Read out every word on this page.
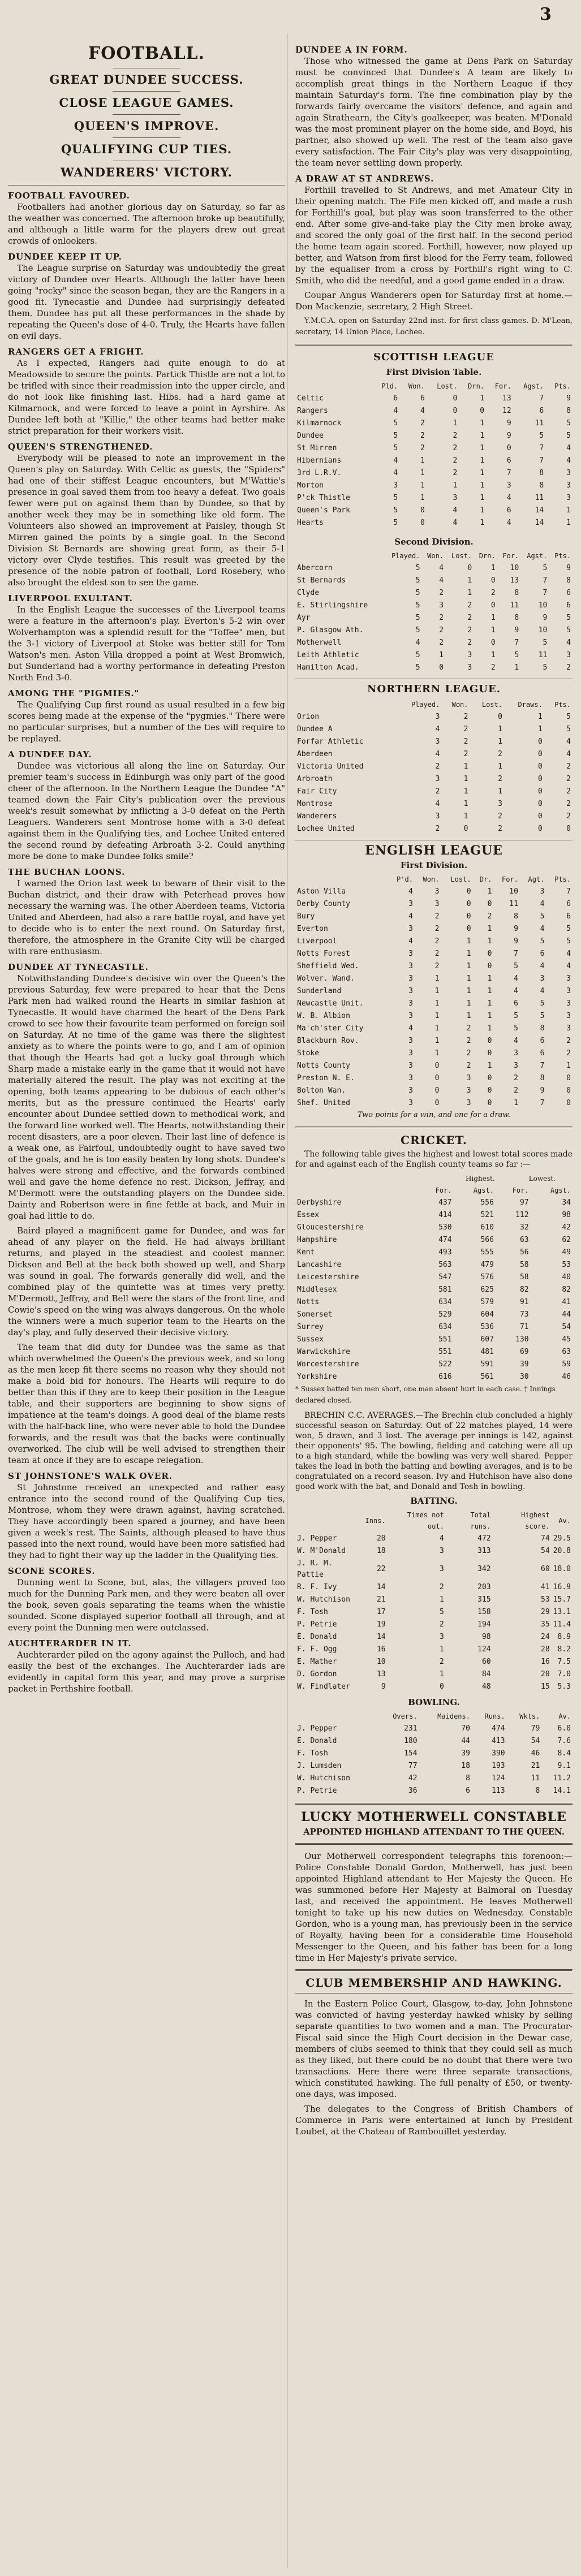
3
FOOTBALL.
GREAT DUNDEE SUCCESS.
CLOSE LEAGUE GAMES.
QUEEN'S IMPROVE.
QUALIFYING CUP TIES.
WANDERERS' VICTORY.
FOOTBALL FAVOURED.

Footballers had another glorious day on Saturday, so far as the weather was concerned. The afternoon broke up beautifully, and although a little warm for the players drew out great crowds of onlookers.

DUNDEE KEEP IT UP.

The League surprise on Saturday was undoubtedly the great victory of Dundee over Hearts. Although the latter have been going "rocky" since the season began, they are the Rangers in a good fit. Tynecastle and Dundee had surprisingly defeated them. Dundee has put all these performances in the shade by repeating the Queen's dose of 4-0. Truly, the Hearts have fallen on evil days.

RANGERS GET A FRIGHT.

As I expected, Rangers had quite enough to do at Meadowside to secure the points. Partick Thistle are not a lot to be trifled with since their readmission into the upper circle, and do not look like finishing last. Hibs. had a hard game at Kilmarnock, and were forced to leave a point in Ayrshire. As Dundee left both at "Killie," the other teams had better make strict preparation for their workers visit.

QUEEN'S STRENGTHENED.

Everybody will be pleased to note an improvement in the Queen's play on Saturday. With Celtic as guests, the "Spiders" had one of their stiffest League encounters, but M'Wattie's presence in goal saved them from too heavy a defeat. Two goals fewer were put on against them than by Dundee, so that by another week they may be in something like old form. The Volunteers also showed an improvement at Paisley, though St Mirren gained the points by a single goal. In the Second Division St Bernards are showing great form, as their 5-1 victory over Clyde testifies. This result was greeted by the presence of the noble patron of football, Lord Rosebery, who also brought the eldest son to see the game.

LIVERPOOL EXULTANT.

In the English League the successes of the Liverpool teams were a feature in the afternoon's play. Everton's 5-2 win over Wolverhampton was a splendid result for the "Toffee" men, but the 3-1 victory of Liverpool at Stoke was better still for Tom Watson's men. Aston Villa dropped a point at West Bromwich, but Sunderland had a worthy performance in defeating Preston North End 3-0.

AMONG THE "PIGMIES."

The Qualifying Cup first round as usual resulted in a few big scores being made at the expense of the "pygmies." There were no particular surprises, but a number of the ties will require to be replayed.

A DUNDEE DAY.

Dundee was victorious all along the line on Saturday. Our premier team's success in Edinburgh was only part of the good cheer of the afternoon. In the Northern League the Dundee "A" teamed down the Fair City's publication over the previous week's result somewhat by inflicting a 3-0 defeat on the Perth Leaguers. Wanderers sent Montrose home with a 3-0 defeat against them in the Qualifying ties, and Lochee United entered the second round by defeating Arbroath 3-2. Could anything more be done to make Dundee folks smile?

THE BUCHAN LOONS.

I warned the Orion last week to beware of their visit to the Buchan district, and their draw with Peterhead proves how necessary the warning was. The other Aberdeen teams, Victoria United and Aberdeen, had also a rare battle royal, and have yet to decide who is to enter the next round. On Saturday first, therefore, the atmosphere in the Granite City will be charged with rare enthusiasm.

DUNDEE AT TYNECASTLE.

Notwithstanding Dundee's decisive win over the Queen's the previous Saturday, few were prepared to hear that the Dens Park men had walked round the Hearts in similar fashion at Tynecastle. It would have charmed the heart of the Dens Park crowd to see how their favourite team performed on foreign soil on Saturday. At no time of the game was there the slightest anxiety as to where the points were to go, and I am of opinion that though the Hearts had got a lucky goal through which Sharp made a mistake early in the game that it would not have materially altered the result. The play was not exciting at the opening, both teams appearing to be dubious of each other's merits, but as the pressure continued the Hearts' early encounter about Dundee settled down to methodical work, and the forward line worked well. The Hearts, notwithstanding their recent disasters, are a poor eleven. Their last line of defence is a weak one, as Fairfoul, undoubtedly ought to have saved two of the goals, and he is too easily beaten by long shots. Dundee's halves were strong and effective, and the forwards combined well and gave the home defence no rest. Dickson, Jeffray, and M'Dermott were the outstanding players on the Dundee side. Dainty and Robertson were in fine fettle at back, and Muir in goal had little to do.

Baird played a magnificent game for Dundee, and was far ahead of any player on the field. He had always brilliant returns, and played in the steadiest and coolest manner. Dickson and Bell at the back both showed up well, and Sharp was sound in goal. The forwards generally did well, and the combined play of the quintette was at times very pretty. M'Dermott, Jeffray, and Bell were the stars of the front line, and Cowie's speed on the wing was always dangerous. On the whole the winners were a much superior team to the Hearts on the day's play, and fully deserved their decisive victory.

The team that did duty for Dundee was the same as that which overwhelmed the Queen's the previous week, and so long as the men keep fit there seems no reason why they should not make a bold bid for honours. The Hearts will require to do better than this if they are to keep their position in the League table, and their supporters are beginning to show signs of impatience at the team's doings. A good deal of the blame rests with the half-back line, who were never able to hold the Dundee forwards, and the result was that the backs were continually overworked. The club will be well advised to strengthen their team at once if they are to escape relegation.

ST JOHNSTONE'S WALK OVER.

St Johnstone received an unexpected and rather easy entrance into the second round of the Qualifying Cup ties, Montrose, whom they were drawn against, having scratched. They have accordingly been spared a journey, and have been given a week's rest. The Saints, although pleased to have thus passed into the next round, would have been more satisfied had they had to fight their way up the ladder in the Qualifying ties.

SCONE SCORES.

Dunning went to Scone, but, alas, the villagers proved too much for the Dunning Park men, and they were beaten all over the book, seven goals separating the teams when the whistle sounded. Scone displayed superior football all through, and at every point the Dunning men were outclassed.

AUCHTERARDER IN IT.

Auchterarder piled on the agony against the Pulloch, and had easily the best of the exchanges. The Auchterarder lads are evidently in capital form this year, and may prove a surprise packet in Perthshire football.

DUNDEE A IN FORM.

Those who witnessed the game at Dens Park on Saturday must be convinced that Dundee's A team are likely to accomplish great things in the Northern League if they maintain Saturday's form. The fine combination play by the forwards fairly overcame the visitors' defence, and again and again Strathearn, the City's goalkeeper, was beaten. M'Donald was the most prominent player on the home side, and Boyd, his partner, also showed up well. The rest of the team also gave every satisfaction. The Fair City's play was very disappointing, the team never settling down properly.

A DRAW AT ST ANDREWS.

Forthill travelled to St Andrews, and met Amateur City in their opening match. The Fife men kicked off, and made a rush for Forthill's goal, but play was soon transferred to the other end. After some give-and-take play the City men broke away, and scored the only goal of the first half. In the second period the home team again scored. Forthill, however, now played up better, and Watson from first blood for the Ferry team, followed by the equaliser from a cross by Forthill's right wing to C. Smith, who did the needful, and a good game ended in a draw.

Coupar Angus Wanderers open for Saturday first at home.—Don Mackenzie, secretary, 2 High Street.

Y.M.C.A. open on Saturday 22nd inst. for first class games. D. M'Lean, secretary, 14 Union Place, Lochee.

SCOTTISH LEAGUE
First Division Table.
	Pld.	Won.	Lost.	Drn.	For.	Agst.	Pts.
Celtic	6	6	0	1	13	7	9
Rangers	4	4	0	0	12	6	8
Kilmarnock	5	2	1	1	9	11	5
Dundee	5	2	2	1	9	5	5
St Mirren	5	2	2	1	0	7	4
Hibernians	4	1	2	1	6	7	4
3rd L.R.V.	4	1	2	1	7	8	3
Morton	3	1	1	1	3	8	3
P'ck Thistle	5	1	3	1	4	11	3
Queen's Park	5	0	4	1	6	14	1
Hearts	5	0	4	1	4	14	1
Second Division.
	Played.	Won.	Lost.	Drn.	For.	Agst.	Pts.
Abercorn	5	4	0	1	10	5	9
St Bernards	5	4	1	0	13	7	8
Clyde	5	2	1	2	8	7	6
E. Stirlingshire	5	3	2	0	11	10	6
Ayr	5	2	2	1	8	9	5
P. Glasgow Ath.	5	2	2	1	9	10	5
Motherwell	4	2	2	0	7	5	4
Leith Athletic	5	1	3	1	5	11	3
Hamilton Acad.	5	0	3	2	1	5	2
NORTHERN LEAGUE.
	Played.	Won.	Lost.	Draws.	Pts.
Orion	3	2	0	1	5
Dundee A	4	2	1	1	5
Forfar Athletic	3	2	1	0	4
Aberdeen	4	2	2	0	4
Victoria United	2	1	1	0	2
Arbroath	3	1	2	0	2
Fair City	2	1	1	0	2
Montrose	4	1	3	0	2
Wanderers	3	1	2	0	2
Lochee United	2	0	2	0	0
ENGLISH LEAGUE
First Division.
	P'd.	Won.	Lost.	Dr.	For.	Agt.	Pts.
Aston Villa	4	3	0	1	10	3	7
Derby County	3	3	0	0	11	4	6
Bury	4	2	0	2	8	5	6
Everton	3	2	0	1	9	4	5
Liverpool	4	2	1	1	9	5	5
Notts Forest	3	2	1	0	7	6	4
Sheffield Wed.	3	2	1	0	5	4	4
Wolver. Wand.	3	1	1	1	4	3	3
Sunderland	3	1	1	1	4	4	3
Newcastle Unit.	3	1	1	1	6	5	3
W. B. Albion	3	1	1	1	5	5	3
Ma'ch'ster City	4	1	2	1	5	8	3
Blackburn Rov.	3	1	2	0	4	6	2
Stoke	3	1	2	0	3	6	2
Notts County	3	0	2	1	3	7	1
Preston N. E.	3	0	3	0	2	8	0
Bolton Wan.	3	0	3	0	2	9	0
Shef. United	3	0	3	0	1	7	0
Two points for a win, and one for a draw.
CRICKET.

The following table gives the highest and lowest total scores made for and against each of the English county teams so far :—

Highest.	Lowest.
	For.	Agst.	For.	Agst.
Derbyshire	437	556	97	34
Essex	414	521	112	98
Gloucestershire	530	610	32	42
Hampshire	474	566	63	62
Kent	493	555	56	49
Lancashire	563	479	58	53
Leicestershire	547	576	58	40
Middlesex	581	625	82	82
Notts	634	579	91	41
Somerset	529	604	73	44
Surrey	634	536	71	54
Sussex	551	607	130	45
Warwickshire	551	481	69	63
Worcestershire	522	591	39	59
Yorkshire	616	561	30	46
* Sussex batted ten men short, one man absent hurt in each case. † Innings declared closed.

BRECHIN C.C. AVERAGES.—The Brechin club concluded a highly successful season on Saturday. Out of 22 matches played, 14 were won, 5 drawn, and 3 lost. The average per innings is 142, against their opponents' 95. The bowling, fielding and catching were all up to a high standard, while the bowling was very well shared. Pepper takes the lead in both the batting and bowling averages, and is to be congratulated on a record season. Ivy and Hutchison have also done good work with the bat, and Donald and Tosh in bowling.

BATTING.
	Inns.	Times not out.	Total runs.	Highest score.	Av.
J. Pepper	20	4	472	74	29.5
W. M'Donald	18	3	313	54	20.8
J. R. M. Pattie	22	3	342	60	18.0
R. F. Ivy	14	2	203	41	16.9
W. Hutchison	21	1	315	53	15.7
F. Tosh	17	5	158	29	13.1
P. Petrie	19	2	194	35	11.4
E. Donald	14	3	98	24	8.9
F. F. Ogg	16	1	124	28	8.2
E. Mather	10	2	60	16	7.5
D. Gordon	13	1	84	20	7.0
W. Findlater	9	0	48	15	5.3
BOWLING.
	Overs.	Maidens.	Runs.	Wkts.	Av.
J. Pepper	231	70	474	79	6.0
E. Donald	180	44	413	54	7.6
F. Tosh	154	39	390	46	8.4
J. Lumsden	77	18	193	21	9.1
W. Hutchison	42	8	124	11	11.2
P. Petrie	36	6	113	8	14.1
LUCKY MOTHERWELL CONSTABLE
APPOINTED HIGHLAND ATTENDANT TO THE QUEEN.

Our Motherwell correspondent telegraphs this forenoon:—Police Constable Donald Gordon, Motherwell, has just been appointed Highland attendant to Her Majesty the Queen. He was summoned before Her Majesty at Balmoral on Tuesday last, and received the appointment. He leaves Motherwell tonight to take up his new duties on Wednesday. Constable Gordon, who is a young man, has previously been in the service of Royalty, having been for a considerable time Household Messenger to the Queen, and his father has been for a long time in Her Majesty's private service.

CLUB MEMBERSHIP AND HAWKING.

In the Eastern Police Court, Glasgow, to-day, John Johnstone was convicted of having yesterday hawked whisky by selling separate quantities to two women and a man. The Procurator-Fiscal said since the High Court decision in the Dewar case, members of clubs seemed to think that they could sell as much as they liked, but there could be no doubt that there were two transactions. Here there were three separate transactions, which constituted hawking. The full penalty of £50, or twenty-one days, was imposed.

The delegates to the Congress of British Chambers of Commerce in Paris were entertained at lunch by President Loubet, at the Chateau of Rambouillet yesterday.
